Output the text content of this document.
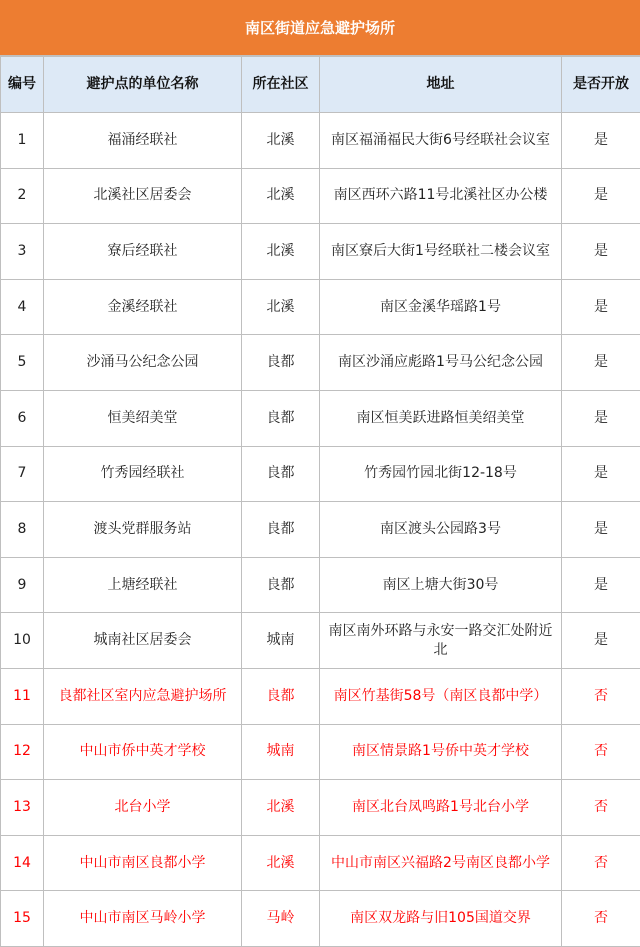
南区街道应急避护场所
编号	避护点的单位名称	所在社区	地址	是否开放
1	福涌经联社	北溪	南区福涌福民大街6号经联社会议室	是
2	北溪社区居委会	北溪	南区西环六路11号北溪社区办公楼	是
3	寮后经联社	北溪	南区寮后大街1号经联社二楼会议室	是
4	金溪经联社	北溪	南区金溪华瑶路1号	是
5	沙涌马公纪念公园	良都	南区沙涌应彪路1号马公纪念公园	是
6	恒美绍美堂	良都	南区恒美跃进路恒美绍美堂	是
7	竹秀园经联社	良都	竹秀园竹园北街12-18号	是
8	渡头党群服务站	良都	南区渡头公园路3号	是
9	上塘经联社	良都	南区上塘大街30号	是
10	城南社区居委会	城南	南区南外环路与永安一路交汇处附近北	是
11	良都社区室内应急避护场所	良都	南区竹基街58号（南区良都中学）	否
12	中山市侨中英才学校	城南	南区情景路1号侨中英才学校	否
13	北台小学	北溪	南区北台凤鸣路1号北台小学	否
14	中山市南区良都小学	北溪	中山市南区兴福路2号南区良都小学	否
15	中山市南区马岭小学	马岭	南区双龙路与旧105国道交界	否
